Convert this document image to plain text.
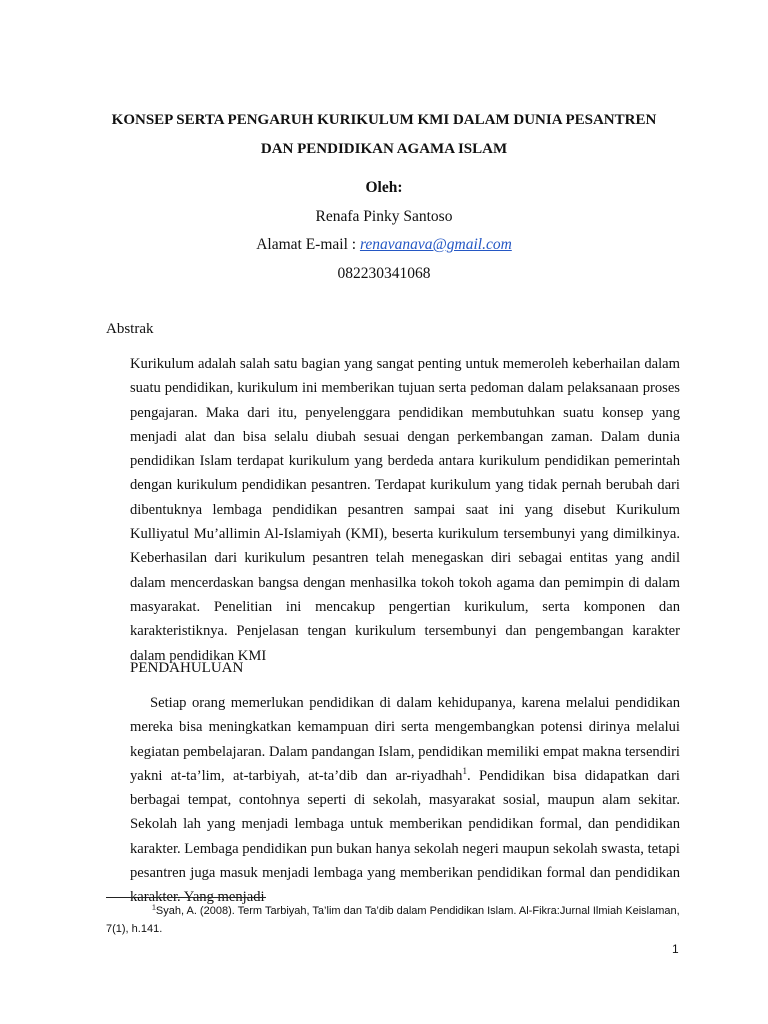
KONSEP SERTA PENGARUH KURIKULUM KMI DALAM DUNIA PESANTREN
DAN PENDIDIKAN AGAMA ISLAM
Oleh:
Renafa Pinky Santoso
Alamat E-mail : renavanava@gmail.com
082230341068
Abstrak

Kurikulum adalah salah satu bagian yang sangat penting untuk memeroleh keberhailan dalam suatu pendidikan, kurikulum ini memberikan tujuan serta pedoman dalam pelaksanaan proses pengajaran. Maka dari itu, penyelenggara pendidikan membutuhkan suatu konsep yang menjadi alat dan bisa selalu diubah sesuai dengan perkembangan zaman. Dalam dunia pendidikan Islam terdapat kurikulum yang berdeda antara kurikulum pendidikan pemerintah dengan kurikulum pendidikan pesantren. Terdapat kurikulum yang tidak pernah berubah dari dibentuknya lembaga pendidikan pesantren sampai saat ini yang disebut Kurikulum Kulliyatul Mu’allimin Al-Islamiyah (KMI), beserta kurikulum tersembunyi yang dimilkinya. Keberhasilan dari kurikulum pesantren telah menegaskan diri sebagai entitas yang andil dalam mencerdaskan bangsa dengan menhasilka tokoh tokoh agama dan pemimpin di dalam masyarakat. Penelitian ini mencakup pengertian kurikulum, serta komponen dan karakteristiknya. Penjelasan tengan kurikulum tersembunyi dan pengembangan karakter dalam pendidikan KMI

PENDAHULUAN

Setiap orang memerlukan pendidikan di dalam kehidupanya, karena melalui pendidikan mereka bisa meningkatkan kemampuan diri serta mengembangkan potensi dirinya melalui kegiatan pembelajaran. Dalam pandangan Islam, pendidikan memiliki empat makna tersendiri yakni at-ta’lim, at-tarbiyah, at-ta’dib dan ar-riyadhah$^1$. Pendidikan bisa didapatkan dari berbagai tempat, contohnya seperti di sekolah, masyarakat sosial, maupun alam sekitar. Sekolah lah yang menjadi lembaga untuk memberikan pendidikan formal, dan pendidikan karakter. Lembaga pendidikan pun bukan hanya sekolah negeri maupun sekolah swasta, tetapi pesantren juga masuk menjadi lembaga yang memberikan pendidikan formal dan pendidikan karakter. Yang menjadi

$^1$Syah, A. (2008). Term Tarbiyah, Ta’lim dan Ta’dib dalam Pendidikan Islam. Al-Fikra:Jurnal Ilmiah Keislaman, 7(1), h.141.

1
